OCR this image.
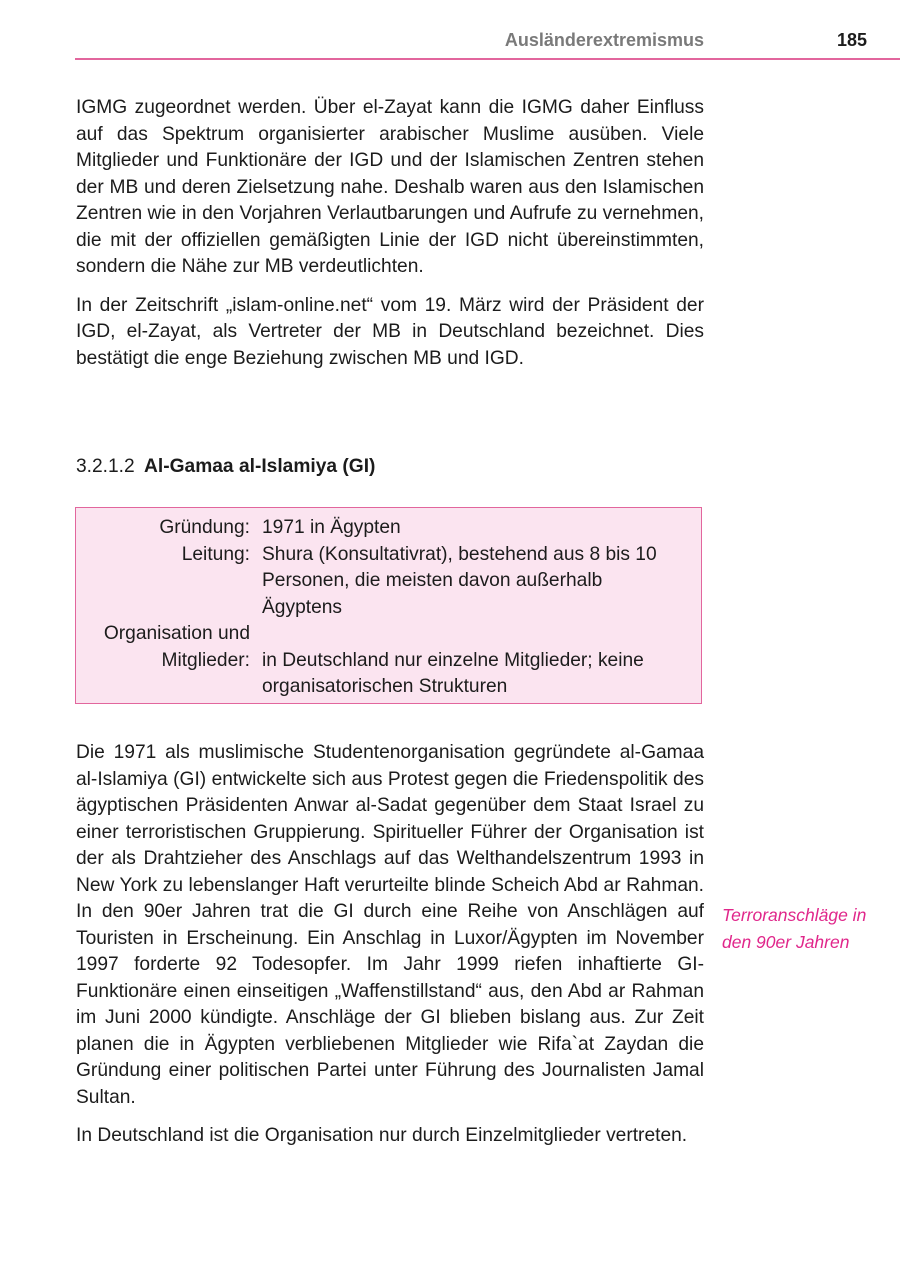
Ausländerextremismus	185

IGMG zugeordnet werden. Über el-Zayat kann die IGMG daher Einfluss auf das Spektrum organisierter arabischer Muslime ausüben. Viele Mitglieder und Funktionäre der IGD und der Islamischen Zentren stehen der MB und deren Zielsetzung nahe. Deshalb waren aus den Islamischen Zentren wie in den Vorjahren Verlautbarungen und Aufrufe zu vernehmen, die mit der offiziellen gemäßigten Linie der IGD nicht übereinstimmten, sondern die Nähe zur MB verdeutlichten.

In der Zeitschrift „islam-online.net“ vom 19. März wird der Präsident der IGD, el-Zayat, als Vertreter der MB in Deutschland bezeichnet. Dies bestätigt die enge Beziehung zwischen MB und IGD.

3.2.1.2 Al-Gamaa al-Islamiya (GI)
Gründung:	1971 in Ägypten
Leitung:	Shura (Konsultativrat), bestehend aus 8 bis 10 Personen, die meisten davon außerhalb Ägyptens
Organisation und	
Mitglieder:	in Deutschland nur einzelne Mitglieder; keine organisatorischen Strukturen

Die 1971 als muslimische Studentenorganisation gegründete al-Gamaa al-Islamiya (GI) entwickelte sich aus Protest gegen die Friedenspolitik des ägyptischen Präsidenten Anwar al-Sadat gegenüber dem Staat Israel zu einer terroristischen Gruppierung. Spiritueller Führer der Organisation ist der als Drahtzieher des Anschlags auf das Welthandelszentrum 1993 in New York zu lebenslanger Haft verurteilte blinde Scheich Abd ar Rahman. In den 90er Jahren trat die GI durch eine Reihe von Anschlägen auf Touristen in Erscheinung. Ein Anschlag in Luxor/Ägypten im November 1997 forderte 92 Todesopfer. Im Jahr 1999 riefen inhaftierte GI-Funktionäre einen einseitigen „Waffenstillstand“ aus, den Abd ar Rahman im Juni 2000 kündigte. Anschläge der GI blieben bislang aus. Zur Zeit planen die in Ägypten verbliebenen Mitglieder wie Rifa`at Zaydan die Gründung einer politischen Partei unter Führung des Journalisten Jamal Sultan.

In Deutschland ist die Organisation nur durch Einzelmitglieder vertreten.

Terroranschläge in den 90er Jahren
